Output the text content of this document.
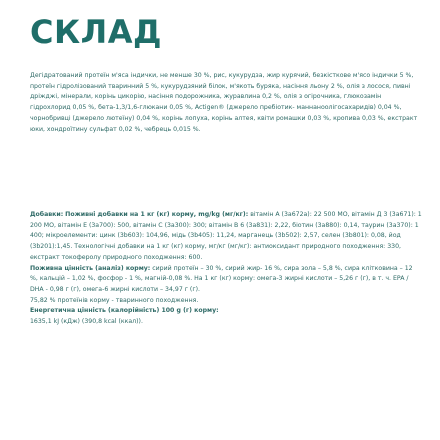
СКЛАД

Дегідратований протеїн м'яса індички, не менше 30 %, рис, кукурудза, жир курячий, безкісткове м'ясо індички 5 %, протеїн гідролізований тваринний 5 %, кукурудзяний білок, м'якоть буряка, насіння льону 2 %, олія з лосося, пивні дріжджі, мінерали, корінь цикорію, насіння подорожника, журавлина 0,2 %, олія з огірочника, глюкозамін гідрохлорид 0,05 %, бета-1,3/1,6-глюкани 0,05 %, Actigen® (джерело пребіотик- маннаноолігосахаридів) 0,04 %, чорнобривці (джерело лютеїну) 0,04 %, корінь лопуха, корінь алтея, квіти ромашки 0,03 %, кропива 0,03 %, екстракт юки, хондроїтину сульфат 0,02 %, чебрець 0,015 %.

Добавки: Поживні добавки на 1 кг (кг) корму, mg/kg (мг/кг): вітамін A (3a672a): 22 500 МО, вітамін Д 3 (3a671): 1 200 МО, вітамін Е (3a700): 500, вітамін С (3a300): 300; вітамін В 6 (3a831): 2,22, біотин (3a880): 0,14, таурин (3a370): 1 400; мікроелементи: цинк (3b603): 104,96, мідь (3b405): 11,24, марганець (3b502): 2,57, селен (3b801): 0,08, йод (3b201):1,45. Технологічні добавки на 1 кг (кг) корму, мг/кг (мг/кг): антиоксидант природного походження: 330, екстракт токоферолу природного походження: 600.

Поживна цінність (аналіз) корму: сирий протеїн – 30 %, сирий жир- 16 %, сира зола – 5,8 %, сира клітковина – 12 %, кальцій – 1,02 %, фосфор - 1 %, магній-0,08 %. На 1 кг (кг) корму: омега-3 жирні кислоти – 5,26 г (г), в т. ч. EPA / DHA - 0,98 г (г), омега-6 жирні кислоти – 34,97 г (г).

75,82 % протеїнів корму - тваринного походження.

Енергетична цінність (калорійність) 100 g (г) корму:

1635,1 kJ (кДж) (390,8 kcal (ккал)).
